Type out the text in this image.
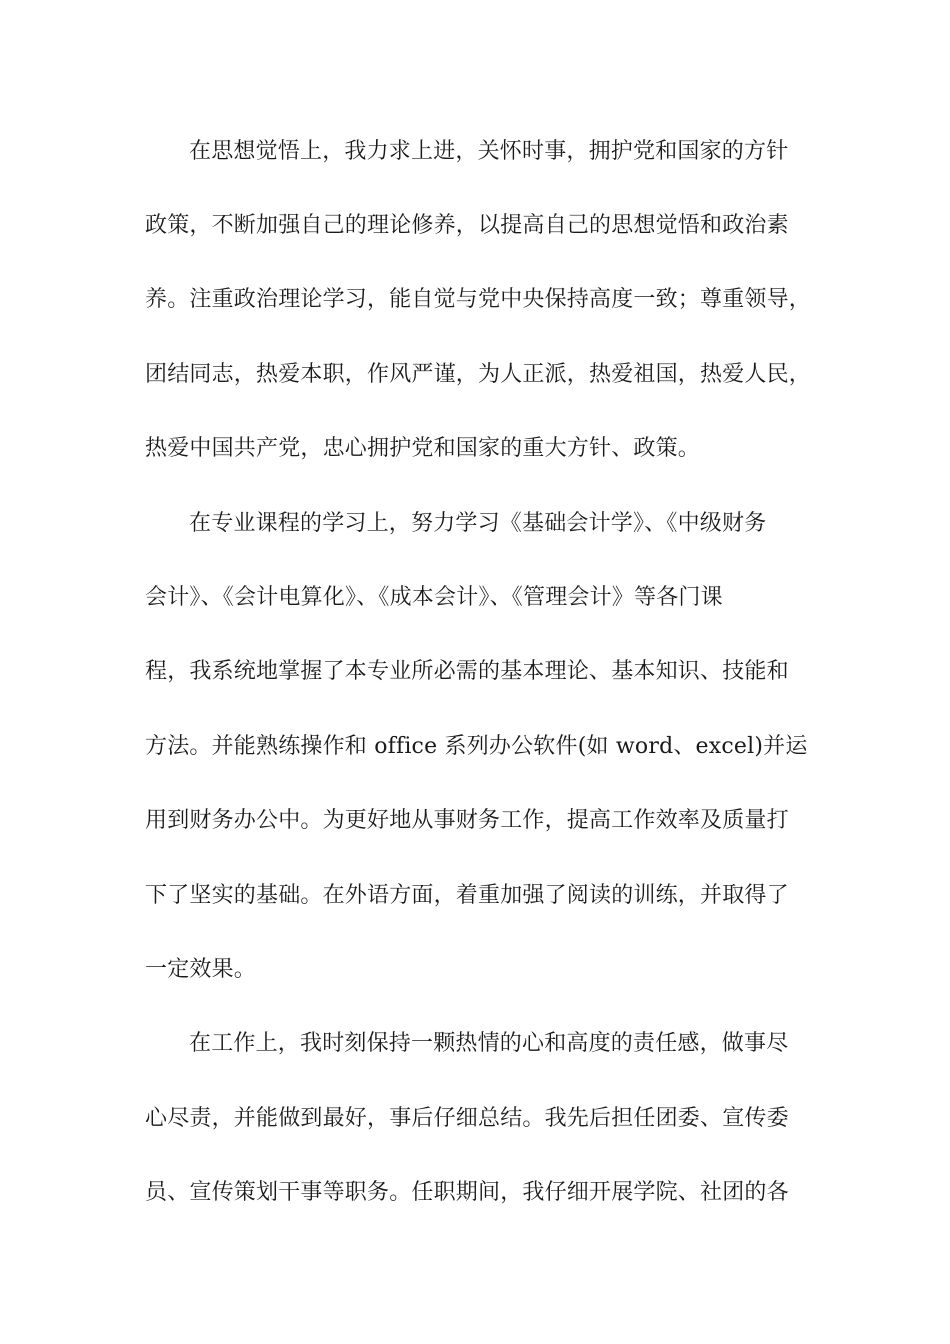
在思想觉悟上，我力求上进，关怀时事，拥护党和国家的方针
政策，不断加强自己的理论修养，以提高自己的思想觉悟和政治素
养。注重政治理论学习，能自觉与党中央保持高度一致；尊重领导，
团结同志，热爱本职，作风严谨，为人正派，热爱祖国，热爱人民，
热爱中国共产党，忠心拥护党和国家的重大方针、政策。
在专业课程的学习上，努力学习《基础会计学》、《中级财务
会计》、《会计电算化》、《成本会计》、《管理会计》等各门课
程，我系统地掌握了本专业所必需的基本理论、基本知识、技能和
方法。并能熟练操作和 office 系列办公软件(如 word、excel)并运
用到财务办公中。为更好地从事财务工作，提高工作效率及质量打
下了坚实的基础。在外语方面，着重加强了阅读的训练，并取得了
一定效果。
在工作上，我时刻保持一颗热情的心和高度的责任感，做事尽
心尽责，并能做到最好，事后仔细总结。我先后担任团委、宣传委
员、宣传策划干事等职务。任职期间，我仔细开展学院、社团的各
